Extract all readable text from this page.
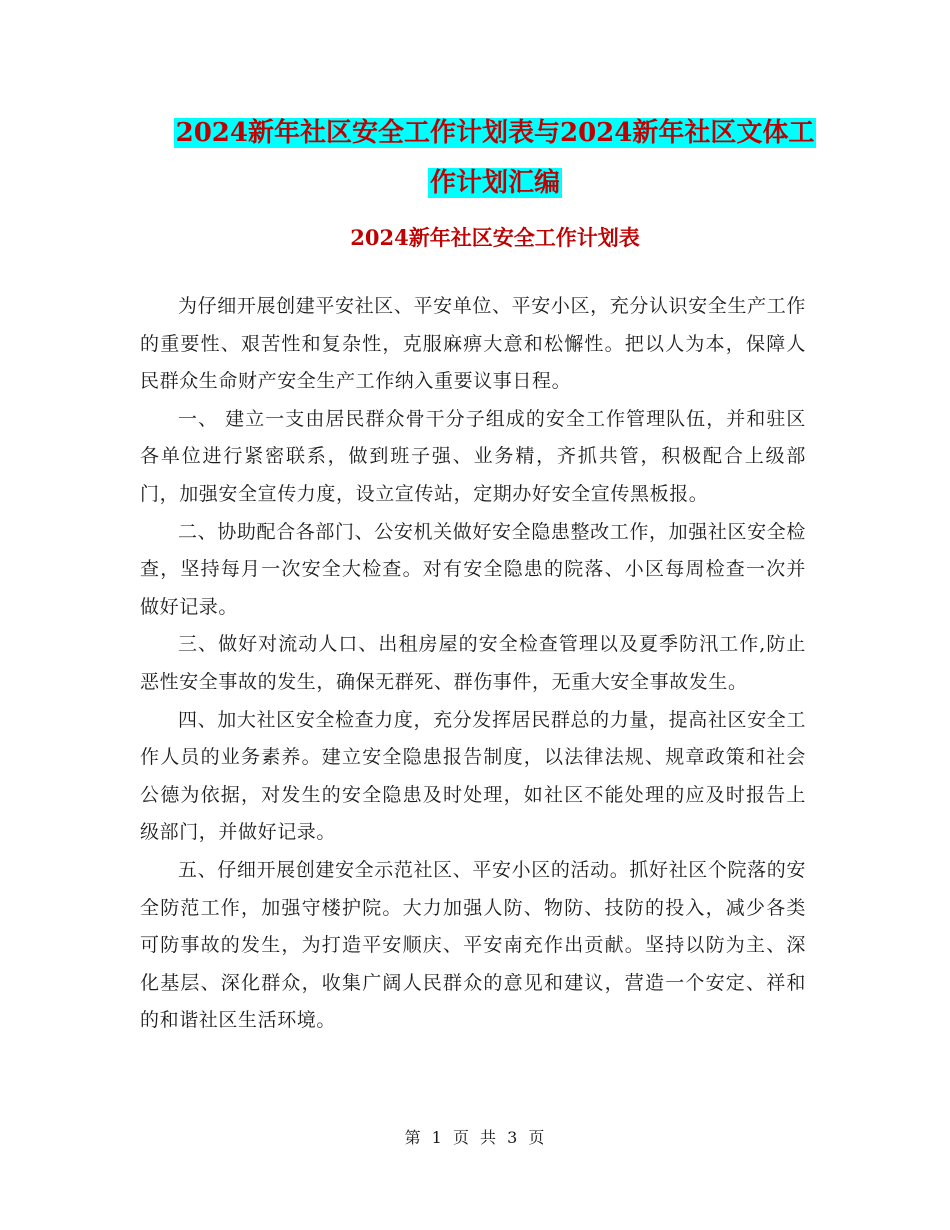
2024新年社区安全工作计划表与2024新年社区文体工
作计划汇编
2024新年社区安全工作计划表

为仔细开展创建平安社区、平安单位、平安小区，充分认识安全生产工作的重要性、艰苦性和复杂性，克服麻痹大意和松懈性。把以人为本，保障人民群众生命财产安全生产工作纳入重要议事日程。

一、 建立一支由居民群众骨干分子组成的安全工作管理队伍，并和驻区各单位进行紧密联系，做到班子强、业务精，齐抓共管，积极配合上级部门，加强安全宣传力度，设立宣传站，定期办好安全宣传黑板报。

二、协助配合各部门、公安机关做好安全隐患整改工作，加强社区安全检查，坚持每月一次安全大检查。对有安全隐患的院落、小区每周检查一次并做好记录。

三、做好对流动人口、出租房屋的安全检查管理以及夏季防汛工作,防止恶性安全事故的发生，确保无群死、群伤事件，无重大安全事故发生。

四、加大社区安全检查力度，充分发挥居民群总的力量，提高社区安全工作人员的业务素养。建立安全隐患报告制度，以法律法规、规章政策和社会公德为依据，对发生的安全隐患及时处理，如社区不能处理的应及时报告上级部门，并做好记录。

五、仔细开展创建安全示范社区、平安小区的活动。抓好社区个院落的安全防范工作，加强守楼护院。大力加强人防、物防、技防的投入，减少各类可防事故的发生，为打造平安顺庆、平安南充作出贡献。坚持以防为主、深化基层、深化群众，收集广阔人民群众的意见和建议，营造一个安定、祥和的和谐社区生活环境。

第 1 页 共 3 页
